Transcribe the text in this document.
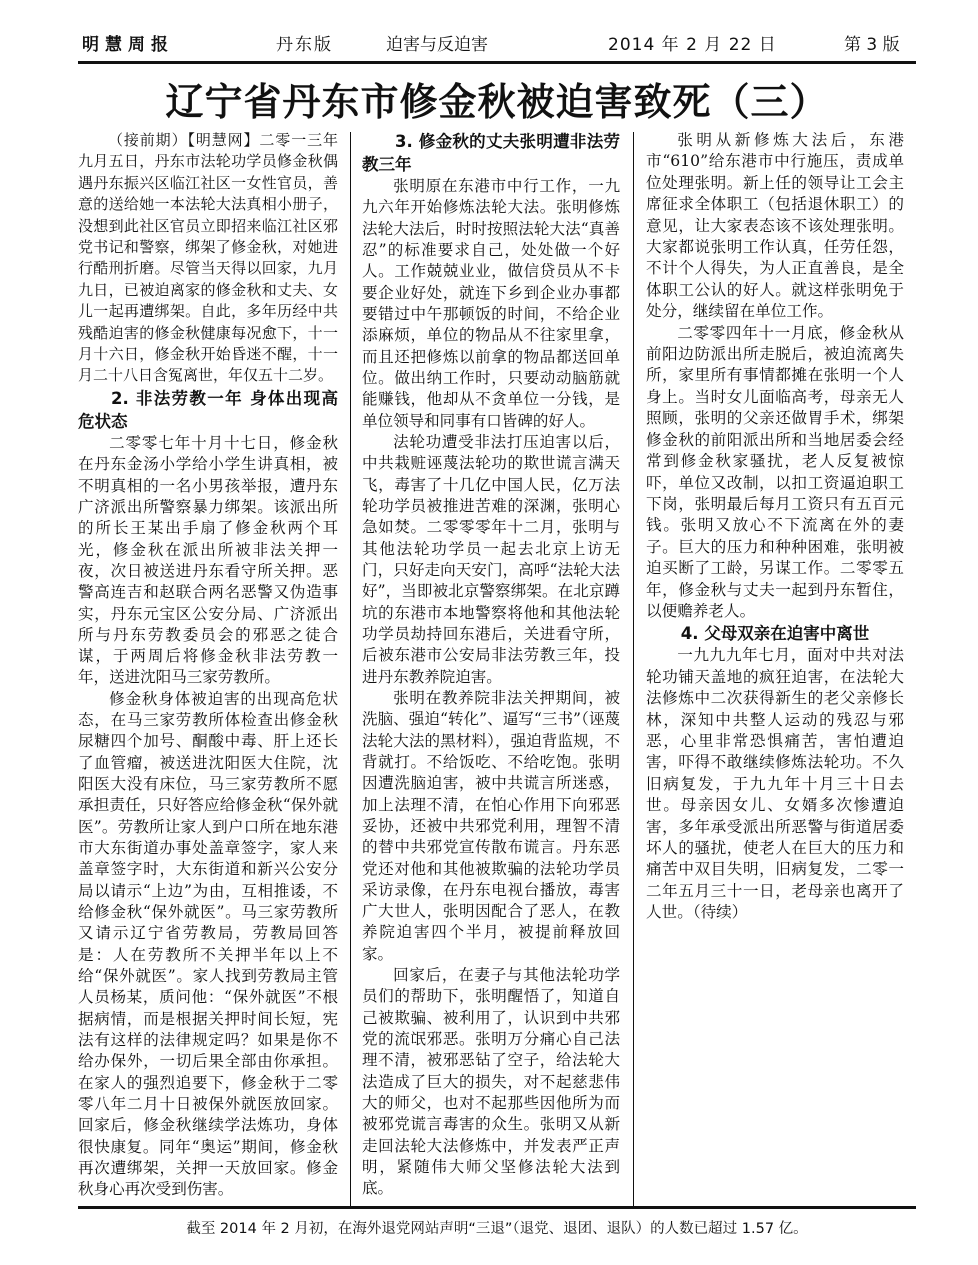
明慧周报	丹东版	迫害与反迫害	2014 年 2 月 22 日	第 3 版
辽宁省丹东市修金秋被迫害致死（三）

（接前期）【明慧网】二零一三年九月五日，丹东市法轮功学员修金秋偶遇丹东振兴区临江社区一女性官员，善意的送给她一本法轮大法真相小册子，没想到此社区官员立即招来临江社区邪党书记和警察，绑架了修金秋，对她进行酷刑折磨。尽管当天得以回家，九月九日，已被迫离家的修金秋和丈夫、女儿一起再遭绑架。自此，多年历经中共残酷迫害的修金秋健康每况愈下，十一月十六日，修金秋开始昏迷不醒，十一月二十八日含冤离世，年仅五十二岁。

2. 非法劳教一年 身体出现高危状态

二零零七年十月十七日，修金秋在丹东金汤小学给小学生讲真相，被不明真相的一名小男孩举报，遭丹东广济派出所警察暴力绑架。该派出所的所长王某出手扇了修金秋两个耳光，修金秋在派出所被非法关押一夜，次日被送进丹东看守所关押。恶警高连吉和赵联合两名恶警又伪造事实，丹东元宝区公安分局、广济派出所与丹东劳教委员会的邪恶之徒合谋，于两周后将修金秋非法劳教一年，送进沈阳马三家劳教所。

修金秋身体被迫害的出现高危状态，在马三家劳教所体检查出修金秋尿糖四个加号、酮酸中毒、肝上还长了血管瘤，被送进沈阳医大住院，沈阳医大没有床位，马三家劳教所不愿承担责任，只好答应给修金秋“保外就医”。劳教所让家人到户口所在地东港市大东街道办事处盖章签字，家人来盖章签字时，大东街道和新兴公安分局以请示“上边”为由，互相推诿，不给修金秋“保外就医”。马三家劳教所又请示辽宁省劳教局，劳教局回答是：人在劳教所不关押半年以上不给“保外就医”。家人找到劳教局主管人员杨某，质问他：“保外就医”不根据病情，而是根据关押时间长短，宪法有这样的法律规定吗？如果是你不给办保外，一切后果全部由你承担。在家人的强烈追要下，修金秋于二零零八年二月十日被保外就医放回家。回家后，修金秋继续学法炼功，身体很快康复。同年“奥运”期间，修金秋再次遭绑架，关押一天放回家。修金秋身心再次受到伤害。

3. 修金秋的丈夫张明遭非法劳教三年

张明原在东港市中行工作，一九九六年开始修炼法轮大法。张明修炼法轮大法后，时时按照法轮大法“真善忍”的标准要求自己，处处做一个好人。工作兢兢业业，做信贷员从不卡要企业好处，就连下乡到企业办事都要错过中午那顿饭的时间，不给企业添麻烦，单位的物品从不往家里拿，而且还把修炼以前拿的物品都送回单位。做出纳工作时，只要动动脑筋就能赚钱，他却从不贪单位一分钱，是单位领导和同事有口皆碑的好人。

法轮功遭受非法打压迫害以后，中共栽赃诬蔑法轮功的欺世谎言满天飞，毒害了十几亿中国人民，亿万法轮功学员被推进苦难的深渊，张明心急如焚。二零零零年十二月，张明与其他法轮功学员一起去北京上访无门，只好走向天安门，高呼“法轮大法好”，当即被北京警察绑架。在北京蹲坑的东港市本地警察将他和其他法轮功学员劫持回东港后，关进看守所，后被东港市公安局非法劳教三年，投进丹东教养院迫害。

张明在教养院非法关押期间，被洗脑、强迫“转化”、逼写“三书”（诬蔑法轮大法的黑材料），强迫背监规，不背就打。不给饭吃、不给吃饱。张明因遭洗脑迫害，被中共谎言所迷惑，加上法理不清，在怕心作用下向邪恶妥协，还被中共邪党利用，理智不清的替中共邪党宣传散布谎言。丹东恶党还对他和其他被欺骗的法轮功学员采访录像，在丹东电视台播放，毒害广大世人，张明因配合了恶人，在教养院迫害四个半月，被提前释放回家。

回家后，在妻子与其他法轮功学员们的帮助下，张明醒悟了，知道自己被欺骗、被利用了，认识到中共邪党的流氓邪恶。张明万分痛心自己法理不清，被邪恶钻了空子，给法轮大法造成了巨大的损失，对不起慈悲伟大的师父，也对不起那些因他所为而被邪党谎言毒害的众生。张明又从新走回法轮大法修炼中，并发表严正声明，紧随伟大师父坚修法轮大法到底。

张明从新修炼大法后，东港市“610”给东港市中行施压，责成单位处理张明。新上任的领导让工会主席征求全体职工（包括退休职工）的意见，让大家表态该不该处理张明。大家都说张明工作认真，任劳任怨，不计个人得失，为人正直善良，是全体职工公认的好人。就这样张明免于处分，继续留在单位工作。

二零零四年十一月底，修金秋从前阳边防派出所走脱后，被迫流离失所，家里所有事情都摊在张明一个人身上。当时女儿面临高考，母亲无人照顾，张明的父亲还做胃手术，绑架修金秋的前阳派出所和当地居委会经常到修金秋家骚扰，老人反复被惊吓，单位又改制，以扣工资逼迫职工下岗，张明最后每月工资只有五百元钱。张明又放心不下流离在外的妻子。巨大的压力和种种困难，张明被迫买断了工龄，另谋工作。二零零五年，修金秋与丈夫一起到丹东暂住，以便赡养老人。

4. 父母双亲在迫害中离世

一九九九年七月，面对中共对法轮功铺天盖地的疯狂迫害，在法轮大法修炼中二次获得新生的老父亲修长林，深知中共整人运动的残忍与邪恶，心里非常恐惧痛苦，害怕遭迫害，吓得不敢继续修炼法轮功。不久旧病复发，于九九年十月三十日去世。母亲因女儿、女婿多次惨遭迫害，多年承受派出所恶警与街道居委坏人的骚扰，使老人在巨大的压力和痛苦中双目失明，旧病复发，二零一二年五月三十一日，老母亲也离开了人世。（待续）

截至 2014 年 2 月初，在海外退党网站声明“三退”（退党、退团、退队）的人数已超过 1.57 亿。
